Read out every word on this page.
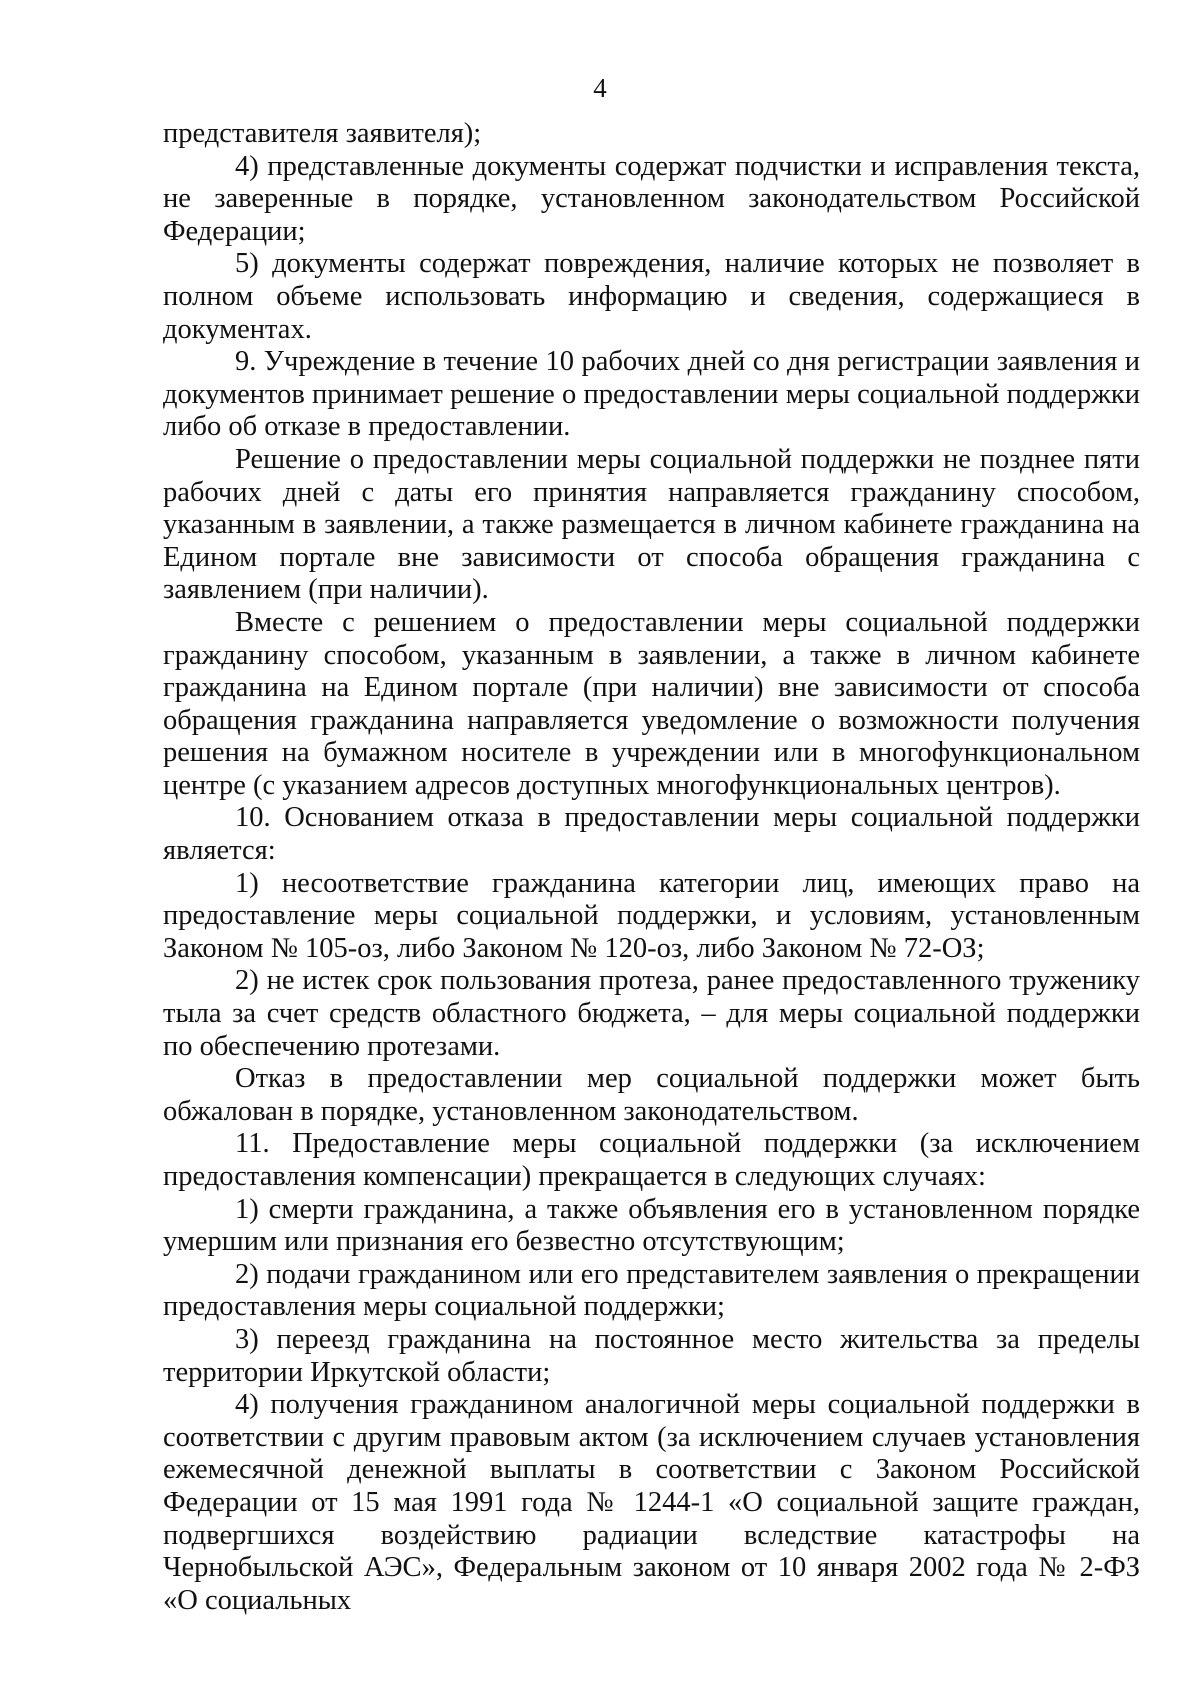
4

представителя заявителя);

4) представленные документы содержат подчистки и исправления текста, не заверенные в порядке, установленном законодательством Российской Федерации;

5) документы содержат повреждения, наличие которых не позволяет в полном объеме использовать информацию и сведения, содержащиеся в документах.

9. Учреждение в течение 10 рабочих дней со дня регистрации заявления и документов принимает решение о предоставлении меры социальной поддержки либо об отказе в предоставлении.

Решение о предоставлении меры социальной поддержки не позднее пяти рабочих дней с даты его принятия направляется гражданину способом, указанным в заявлении, а также размещается в личном кабинете гражданина на Едином портале вне зависимости от способа обращения гражданина с заявлением (при наличии).

Вместе с решением о предоставлении меры социальной поддержки гражданину способом, указанным в заявлении, а также в личном кабинете гражданина на Едином портале (при наличии) вне зависимости от способа обращения гражданина направляется уведомление о возможности получения решения на бумажном носителе в учреждении или в многофункциональном центре (с указанием адресов доступных многофункциональных центров).

10. Основанием отказа в предоставлении меры социальной поддержки является:

1) несоответствие гражданина категории лиц, имеющих право на предоставление меры социальной поддержки, и условиям, установленным Законом № 105-оз, либо Законом № 120-оз, либо Законом № 72-ОЗ;

2) не истек срок пользования протеза, ранее предоставленного труженику тыла за счет средств областного бюджета, – для меры социальной поддержки по обеспечению протезами.

Отказ в предоставлении мер социальной поддержки может быть обжалован в порядке, установленном законодательством.

11. Предоставление меры социальной поддержки (за исключением предоставления компенсации) прекращается в следующих случаях:

1) смерти гражданина, а также объявления его в установленном порядке умершим или признания его безвестно отсутствующим;

2) подачи гражданином или его представителем заявления о прекращении предоставления меры социальной поддержки;

3) переезд гражданина на постоянное место жительства за пределы территории Иркутской области;

4) получения гражданином аналогичной меры социальной поддержки в соответствии с другим правовым актом (за исключением случаев установления ежемесячной денежной выплаты в соответствии с Законом Российской Федерации от 15 мая 1991 года № 1244-1 «О социальной защите граждан, подвергшихся воздействию радиации вследствие катастрофы на Чернобыльской АЭС», Федеральным законом от 10 января 2002 года № 2-ФЗ «О социальных
